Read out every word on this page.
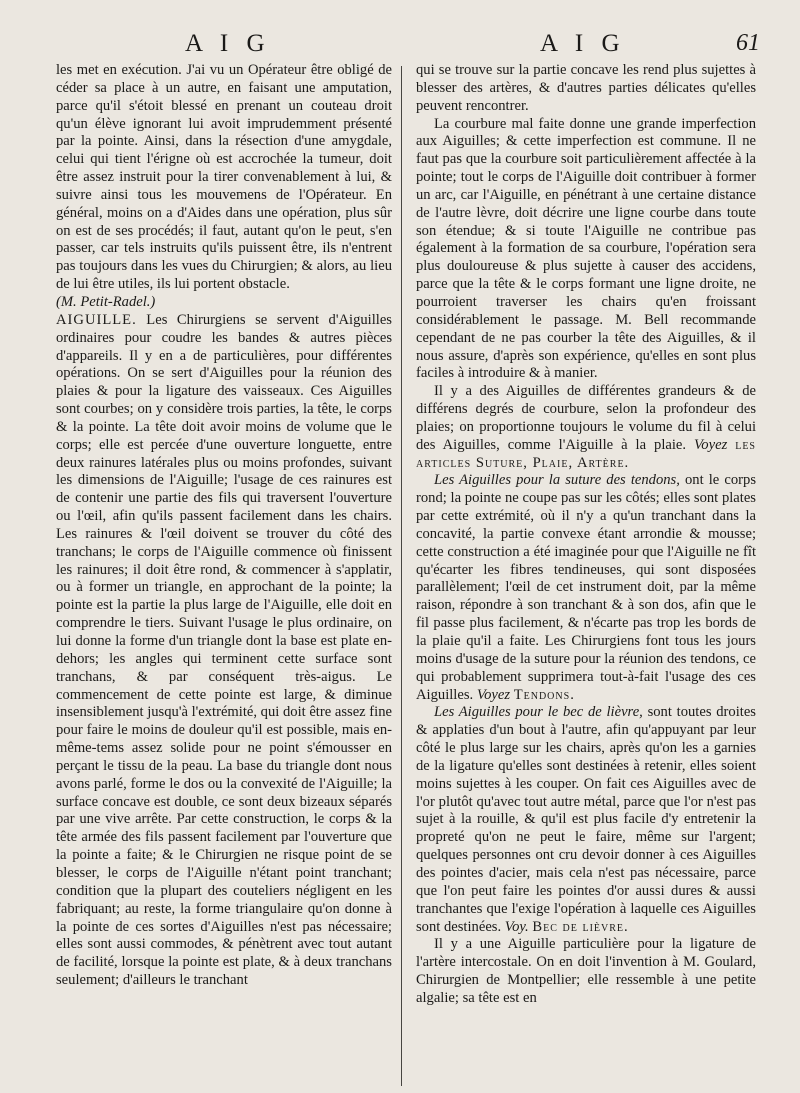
A I G	A I G	61

les met en exécution. J'ai vu un Opérateur être obligé de céder sa place à un autre, en faisant une amputation, parce qu'il s'étoit blessé en prenant un couteau droit qu'un élève ignorant lui avoit imprudemment présenté par la pointe. Ainsi, dans la résection d'une amygdale, celui qui tient l'érigne où est accrochée la tumeur, doit être assez instruit pour la tirer convenablement à lui, & suivre ainsi tous les mouvemens de l'Opérateur. En général, moins on a d'Aides dans une opération, plus sûr on est de ses procédés; il faut, autant qu'on le peut, s'en passer, car tels instruits qu'ils puissent être, ils n'entrent pas toujours dans les vues du Chirurgien; & alors, au lieu de lui être utiles, ils lui portent obstacle.

(M. Petit-Radel.)

AIGUILLE. Les Chirurgiens se servent d'Aiguilles ordinaires pour coudre les bandes & autres pièces d'appareils. Il y en a de particulières, pour différentes opérations. On se sert d'Aiguilles pour la réunion des plaies & pour la ligature des vaisseaux. Ces Aiguilles sont courbes; on y considère trois parties, la tête, le corps & la pointe. La tête doit avoir moins de volume que le corps; elle est percée d'une ouverture longuette, entre deux rainures latérales plus ou moins profondes, suivant les dimensions de l'Aiguille; l'usage de ces rainures est de contenir une partie des fils qui traversent l'ouverture ou l'œil, afin qu'ils passent facilement dans les chairs. Les rainures & l'œil doivent se trouver du côté des tranchans; le corps de l'Aiguille commence où finissent les rainures; il doit être rond, & commencer à s'applatir, ou à former un triangle, en approchant de la pointe; la pointe est la partie la plus large de l'Aiguille, elle doit en comprendre le tiers. Suivant l'usage le plus ordinaire, on lui donne la forme d'un triangle dont la base est plate en-dehors; les angles qui terminent cette surface sont tranchans, & par conséquent très-aigus. Le commencement de cette pointe est large, & diminue insensiblement jusqu'à l'extrémité, qui doit être assez fine pour faire le moins de douleur qu'il est possible, mais en-même-tems assez solide pour ne point s'émousser en perçant le tissu de la peau. La base du triangle dont nous avons parlé, forme le dos ou la convexité de l'Aiguille; la surface concave est double, ce sont deux bizeaux séparés par une vive arrête. Par cette construction, le corps & la tête armée des fils passent facilement par l'ouverture que la pointe a faite; & le Chirurgien ne risque point de se blesser, le corps de l'Aiguille n'étant point tranchant; condition que la plupart des couteliers négligent en les fabriquant; au reste, la forme triangulaire qu'on donne à la pointe de ces sortes d'Aiguilles n'est pas nécessaire; elles sont aussi commodes, & pénètrent avec tout autant de facilité, lorsque la pointe est plate, & à deux tranchans seulement; d'ailleurs le tranchant

qui se trouve sur la partie concave les rend plus sujettes à blesser des artères, & d'autres parties délicates qu'elles peuvent rencontrer.

La courbure mal faite donne une grande imperfection aux Aiguilles; & cette imperfection est commune. Il ne faut pas que la courbure soit particulièrement affectée à la pointe; tout le corps de l'Aiguille doit contribuer à former un arc, car l'Aiguille, en pénétrant à une certaine distance de l'autre lèvre, doit décrire une ligne courbe dans toute son étendue; & si toute l'Aiguille ne contribue pas également à la formation de sa courbure, l'opération sera plus douloureuse & plus sujette à causer des accidens, parce que la tête & le corps formant une ligne droite, ne pourroient traverser les chairs qu'en froissant considérablement le passage. M. Bell recommande cependant de ne pas courber la tête des Aiguilles, & il nous assure, d'après son expérience, qu'elles en sont plus faciles à introduire & à manier.

Il y a des Aiguilles de différentes grandeurs & de différens degrés de courbure, selon la profondeur des plaies; on proportionne toujours le volume du fil à celui des Aiguilles, comme l'Aiguille à la plaie. Voyez les articles Suture, Plaie, Artère.

Les Aiguilles pour la suture des tendons, ont le corps rond; la pointe ne coupe pas sur les côtés; elles sont plates par cette extrémité, où il n'y a qu'un tranchant dans la concavité, la partie convexe étant arrondie & mousse; cette construction a été imaginée pour que l'Aiguille ne fît qu'écarter les fibres tendineuses, qui sont disposées parallèlement; l'œil de cet instrument doit, par la même raison, répondre à son tranchant & à son dos, afin que le fil passe plus facilement, & n'écarte pas trop les bords de la plaie qu'il a faite. Les Chirurgiens font tous les jours moins d'usage de la suture pour la réunion des tendons, ce qui probablement supprimera tout-à-fait l'usage des ces Aiguilles. Voyez Tendons.

Les Aiguilles pour le bec de lièvre, sont toutes droites & applaties d'un bout à l'autre, afin qu'appuyant par leur côté le plus large sur les chairs, après qu'on les a garnies de la ligature qu'elles sont destinées à retenir, elles soient moins sujettes à les couper. On fait ces Aiguilles avec de l'or plutôt qu'avec tout autre métal, parce que l'or n'est pas sujet à la rouille, & qu'il est plus facile d'y entretenir la propreté qu'on ne peut le faire, même sur l'argent; quelques personnes ont cru devoir donner à ces Aiguilles des pointes d'acier, mais cela n'est pas nécessaire, parce que l'on peut faire les pointes d'or aussi dures & aussi tranchantes que l'exige l'opération à laquelle ces Aiguilles sont destinées. Voy. Bec de lièvre.

Il y a une Aiguille particulière pour la ligature de l'artère intercostale. On en doit l'invention à M. Goulard, Chirurgien de Montpellier; elle ressemble à une petite algalie; sa tête est en
